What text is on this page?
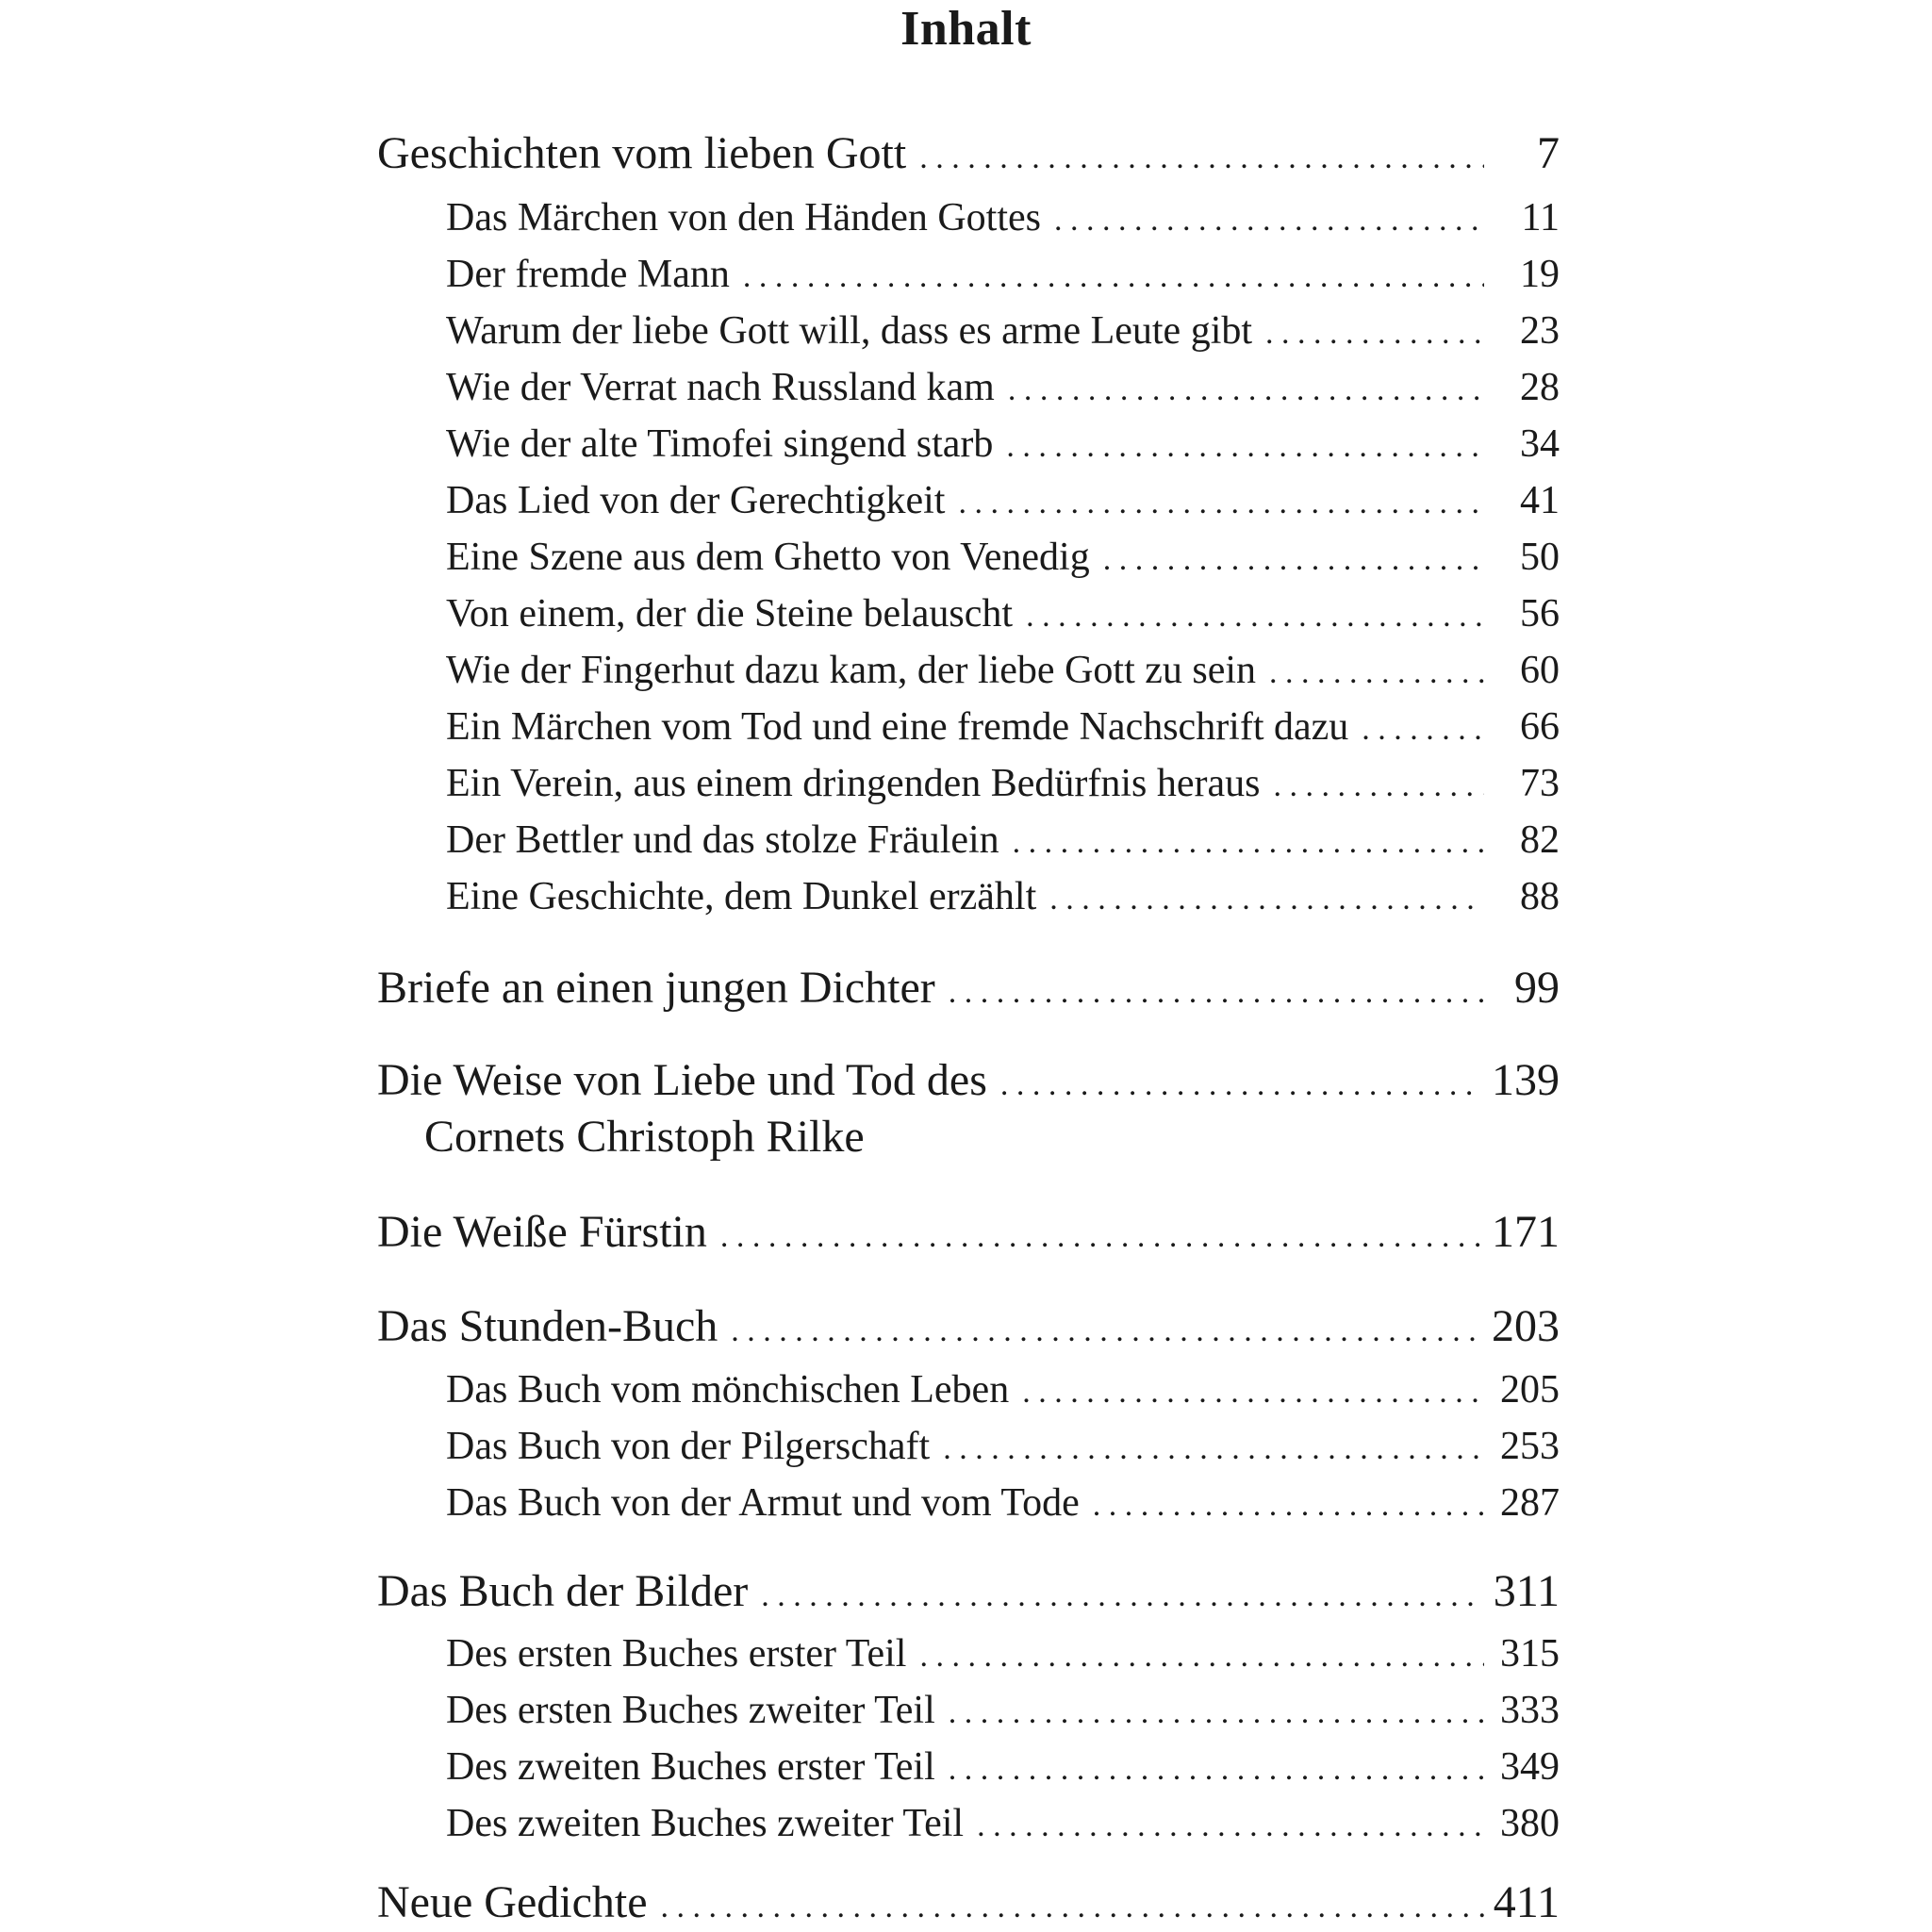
Inhalt
Geschichten vom lieben Gott . . .	7
Das Märchen von den Händen Gottes . . .	11
Der fremde Mann . . .	19
Warum der liebe Gott will, dass es arme Leute gibt . . .	23
Wie der Verrat nach Russland kam . . .	28
Wie der alte Timofei singend starb . . .	34
Das Lied von der Gerechtigkeit . . .	41
Eine Szene aus dem Ghetto von Venedig . . .	50
Von einem, der die Steine belauscht . . .	56
Wie der Fingerhut dazu kam, der liebe Gott zu sein . . .	60
Ein Märchen vom Tod und eine fremde Nachschrift dazu . . .	66
Ein Verein, aus einem dringenden Bedürfnis heraus . . .	73
Der Bettler und das stolze Fräulein . . .	82
Eine Geschichte, dem Dunkel erzählt . . .	88
Briefe an einen jungen Dichter . . .	99
Die Weise von Liebe und Tod des . . .	139
Cornets Christoph Rilke
Die Weiße Fürstin . . .	171
Das Stunden-Buch . . .	203
Das Buch vom mönchischen Leben . . .	205
Das Buch von der Pilgerschaft . . .	253
Das Buch von der Armut und vom Tode . . .	287
Das Buch der Bilder . . .	311
Des ersten Buches erster Teil . . .	315
Des ersten Buches zweiter Teil . . .	333
Des zweiten Buches erster Teil . . .	349
Des zweiten Buches zweiter Teil . . .	380
Neue Gedichte . . .	411
